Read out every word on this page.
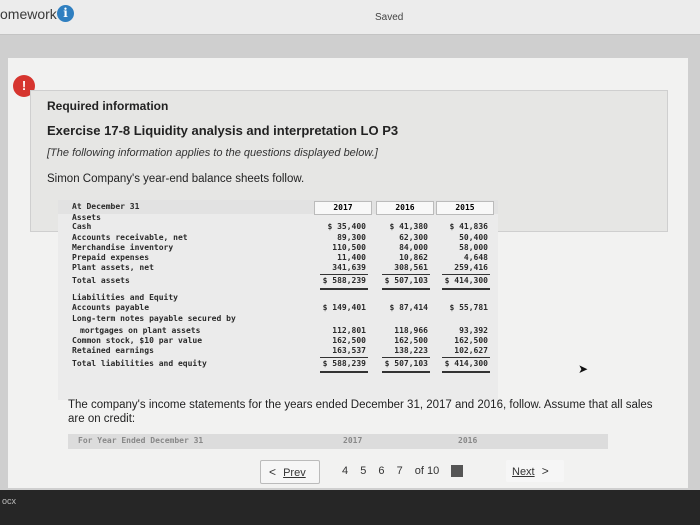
omework i	Saved
!
Required information
Exercise 17-8 Liquidity analysis and interpretation LO P3
[The following information applies to the questions displayed below.]
Simon Company's year-end balance sheets follow.
At December 31	2017	2016	2015
Assets
Cash	$ 35,400	$ 41,380	$ 41,836
Accounts receivable, net	89,300	62,300	50,400
Merchandise inventory	110,500	84,000	58,000
Prepaid expenses	11,400	10,862	4,648
Plant assets, net	341,639	308,561	259,416
Total assets	$ 588,239	$ 507,103	$ 414,300
Liabilities and Equity
Accounts payable	$ 149,401	$ 87,414	$ 55,781
Long-term notes payable secured by
mortgages on plant assets	112,801	118,966	93,392
Common stock, $10 par value	162,500	162,500	162,500
Retained earnings	163,537	138,223	102,627
Total liabilities and equity	$ 588,239	$ 507,103	$ 414,300	➤
The company's income statements for the years ended December 31, 2017 and 2016, follow. Assume that all sales are on credit:
For Year Ended December 31	2017	2016
< Prev	4 5 6 7 of 10	Next >
ocx
